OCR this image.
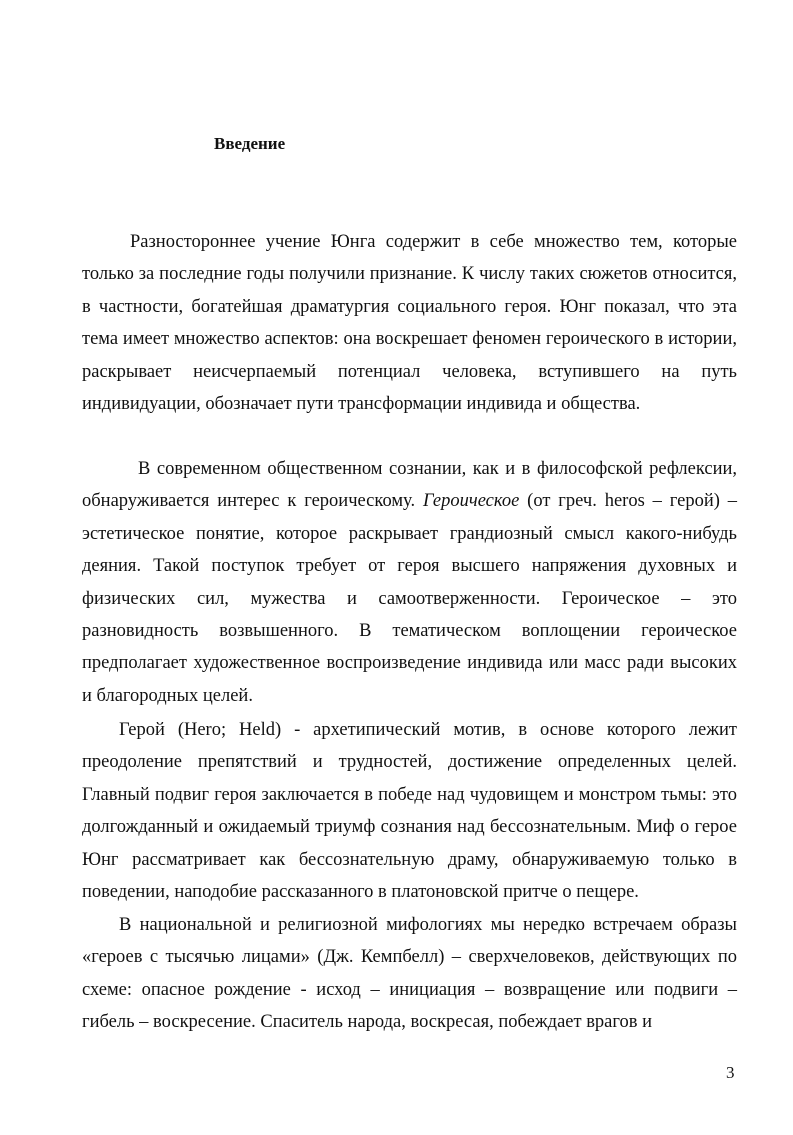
Введение

Разностороннее учение Юнга содержит в себе множество тем, которые только за последние годы получили признание. К числу таких сюжетов относится, в частности, богатейшая драматургия социального героя. Юнг показал, что эта тема имеет множество аспектов: она воскрешает феномен героического в истории, раскрывает неисчерпаемый потенциал человека, вступившего на путь индивидуации, обозначает пути трансформации индивида и общества.

В современном общественном сознании, как и в философской рефлексии, обнаруживается интерес к героическому. Героическое (от греч. heros – герой) – эстетическое понятие, которое раскрывает грандиозный смысл какого-нибудь деяния. Такой поступок требует от героя высшего напряжения духовных и физических сил, мужества и самоотверженности. Героическое – это разновидность возвышенного. В тематическом воплощении героическое предполагает художественное воспроизведение индивида или масс ради высоких и благородных целей.

Герой (Hero; Held) - архетипический мотив, в основе которого лежит преодоление препятствий и трудностей, достижение определенных целей. Главный подвиг героя заключается в победе над чудовищем и монстром тьмы: это долгожданный и ожидаемый триумф сознания над бессознательным. Миф о герое Юнг рассматривает как бессознательную драму, обнаруживаемую только в поведении, наподобие рассказанного в платоновской притче о пещере.

В национальной и религиозной мифологиях мы нередко встречаем образы «героев с тысячью лицами» (Дж. Кемпбелл) – сверхчеловеков, действующих по схеме: опасное рождение - исход – инициация – возвращение или подвиги – гибель – воскресение. Спаситель народа, воскресая, побеждает врагов и

3
